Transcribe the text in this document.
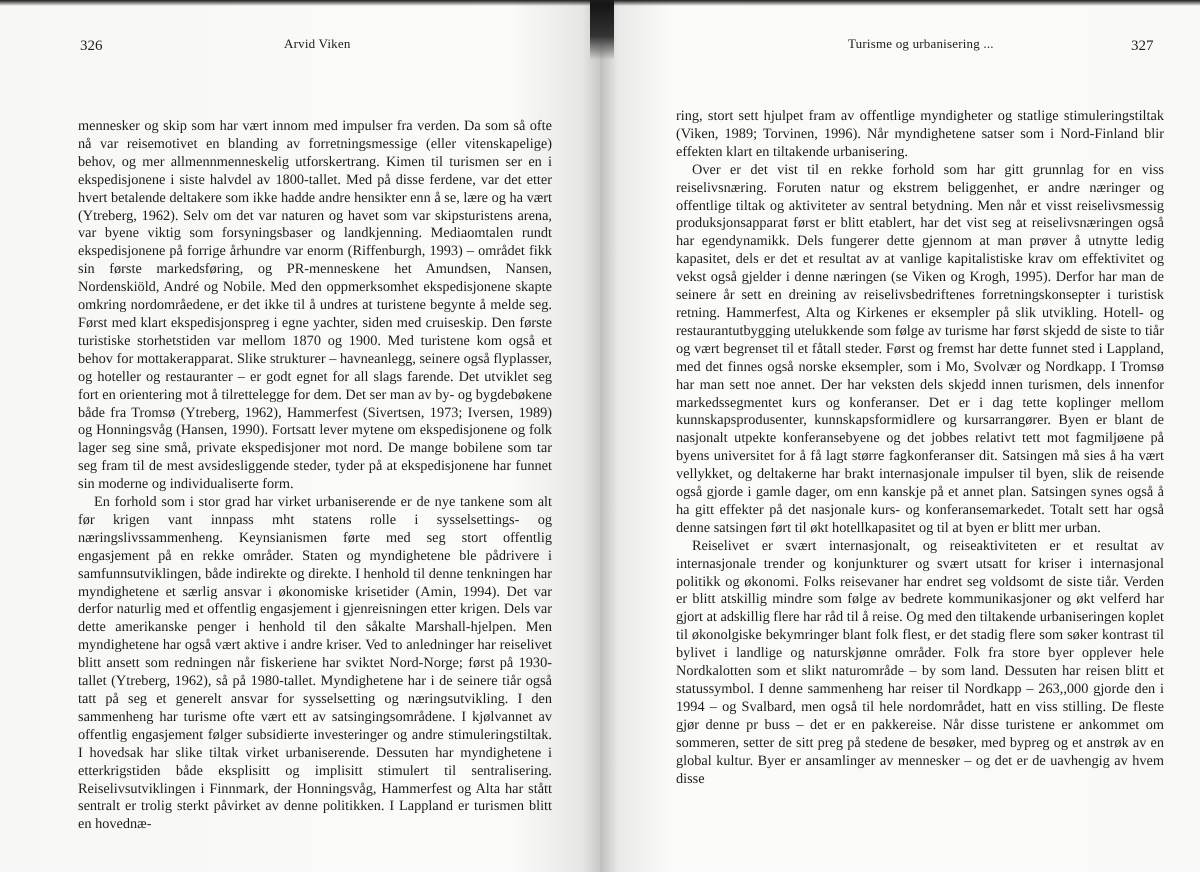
326	Arvid Viken

mennesker og skip som har vært innom med impulser fra verden. Da som så ofte nå var reisemotivet en blanding av forretningsmessige (eller vitenskapelige) behov, og mer allmennmenneskelig utforskertrang. Kimen til turismen ser en i ekspedisjonene i siste halvdel av 1800-tallet. Med på disse ferdene, var det etter hvert betalende deltakere som ikke hadde andre hensikter enn å se, lære og ha vært (Ytreberg, 1962). Selv om det var naturen og havet som var skipsturistens arena, var byene viktig som forsyningsbaser og landkjenning. Mediaomtalen rundt ekspedisjonene på forrige århundre var enorm (Riffenburgh, 1993) – området fikk sin første markedsføring, og PR-menneskene het Amundsen, Nansen, Nordenskiöld, André og Nobile. Med den oppmerksomhet ekspedisjonene skapte omkring nordområedene, er det ikke til å undres at turistene begynte å melde seg. Først med klart ekspedisjonspreg i egne yachter, siden med cruiseskip. Den første turistiske storhetstiden var mellom 1870 og 1900. Med turistene kom også et behov for mottakerapparat. Slike strukturer – havneanlegg, seinere også flyplasser, og hoteller og restauranter – er godt egnet for all slags farende. Det utviklet seg fort en orientering mot å tilrettelegge for dem. Det ser man av by- og bygdebøkene både fra Tromsø (Ytreberg, 1962), Hammerfest (Sivertsen, 1973; Iversen, 1989) og Honningsvåg (Hansen, 1990). Fortsatt lever mytene om ekspedisjonene og folk lager seg sine små, private ekspedisjoner mot nord. De mange bobilene som tar seg fram til de mest avsidesliggende steder, tyder på at ekspedisjonene har funnet sin moderne og individualiserte form.

En forhold som i stor grad har virket urbaniserende er de nye tankene som alt før krigen vant innpass mht statens rolle i sysselsettings- og næringslivssammenheng. Keynsianismen førte med seg stort offentlig engasjement på en rekke områder. Staten og myndighetene ble pådrivere i samfunnsutviklingen, både indirekte og direkte. I henhold til denne tenkningen har myndighetene et særlig ansvar i økonomiske krisetider (Amin, 1994). Det var derfor naturlig med et offentlig engasjement i gjenreisningen etter krigen. Dels var dette amerikanske penger i henhold til den såkalte Marshall-hjelpen. Men myndighetene har også vært aktive i andre kriser. Ved to anledninger har reiselivet blitt ansett som redningen når fiskeriene har sviktet Nord-Norge; først på 1930-tallet (Ytreberg, 1962), så på 1980-tallet. Myndighetene har i de seinere tiår også tatt på seg et generelt ansvar for sysselsetting og næringsutvikling. I den sammenheng har turisme ofte vært ett av satsingingsområdene. I kjølvannet av offentlig engasjement følger subsidierte investeringer og andre stimuleringstiltak. I hovedsak har slike tiltak virket urbaniserende. Dessuten har myndighetene i etterkrigstiden både eksplisitt og implisitt stimulert til sentralisering. Reiselivsutviklingen i Finnmark, der Honningsvåg, Hammerfest og Alta har stått sentralt er trolig sterkt påvirket av denne politikken. I Lappland er turismen blitt en hovednæ-

Turisme og urbanisering ...	327

ring, stort sett hjulpet fram av offentlige myndigheter og statlige stimuleringstiltak (Viken, 1989; Torvinen, 1996). Når myndighetene satser som i Nord-Finland blir effekten klart en tiltakende urbanisering.

Over er det vist til en rekke forhold som har gitt grunnlag for en viss reiselivsnæring. Foruten natur og ekstrem beliggenhet, er andre næringer og offentlige tiltak og aktiviteter av sentral betydning. Men når et visst reiselivsmessig produksjonsapparat først er blitt etablert, har det vist seg at reiselivsnæringen også har egendynamikk. Dels fungerer dette gjennom at man prøver å utnytte ledig kapasitet, dels er det et resultat av at vanlige kapitalistiske krav om effektivitet og vekst også gjelder i denne næringen (se Viken og Krogh, 1995). Derfor har man de seinere år sett en dreining av reiselivsbedriftenes forretningskonsepter i turistisk retning. Hammerfest, Alta og Kirkenes er eksempler på slik utvikling. Hotell- og restaurantutbygging utelukkende som følge av turisme har først skjedd de siste to tiår og vært begrenset til et fåtall steder. Først og fremst har dette funnet sted i Lappland, med det finnes også norske eksempler, som i Mo, Svolvær og Nordkapp. I Tromsø har man sett noe annet. Der har veksten dels skjedd innen turismen, dels innenfor markedssegmentet kurs og konferanser. Det er i dag tette koplinger mellom kunnskapsprodusenter, kunnskapsformidlere og kursarrangører. Byen er blant de nasjonalt utpekte konferansebyene og det jobbes relativt tett mot fagmiljøene på byens universitet for å få lagt større fagkonferanser dit. Satsingen må sies å ha vært vellykket, og deltakerne har brakt internasjonale impulser til byen, slik de reisende også gjorde i gamle dager, om enn kanskje på et annet plan. Satsingen synes også å ha gitt effekter på det nasjonale kurs- og konferansemarkedet. Totalt sett har også denne satsingen ført til økt hotellkapasitet og til at byen er blitt mer urban.

Reiselivet er svært internasjonalt, og reiseaktiviteten er et resultat av internasjonale trender og konjunkturer og svært utsatt for kriser i internasjonal politikk og økonomi. Folks reisevaner har endret seg voldsomt de siste tiår. Verden er blitt atskillig mindre som følge av bedrete kommunikasjoner og økt velferd har gjort at adskillig flere har råd til å reise. Og med den tiltakende urbaniseringen koplet til økonolgiske bekymringer blant folk flest, er det stadig flere som søker kontrast til bylivet i landlige og naturskjønne områder. Folk fra store byer opplever hele Nordkalotten som et slikt naturområde – by som land. Dessuten har reisen blitt et statussymbol. I denne sammenheng har reiser til Nordkapp – 263,,000 gjorde den i 1994 – og Svalbard, men også til hele nordområdet, hatt en viss stilling. De fleste gjør denne pr buss – det er en pakkereise. Når disse turistene er ankommet om sommeren, setter de sitt preg på stedene de besøker, med bypreg og et anstrøk av en global kultur. Byer er ansamlinger av mennesker – og det er de uavhengig av hvem disse
